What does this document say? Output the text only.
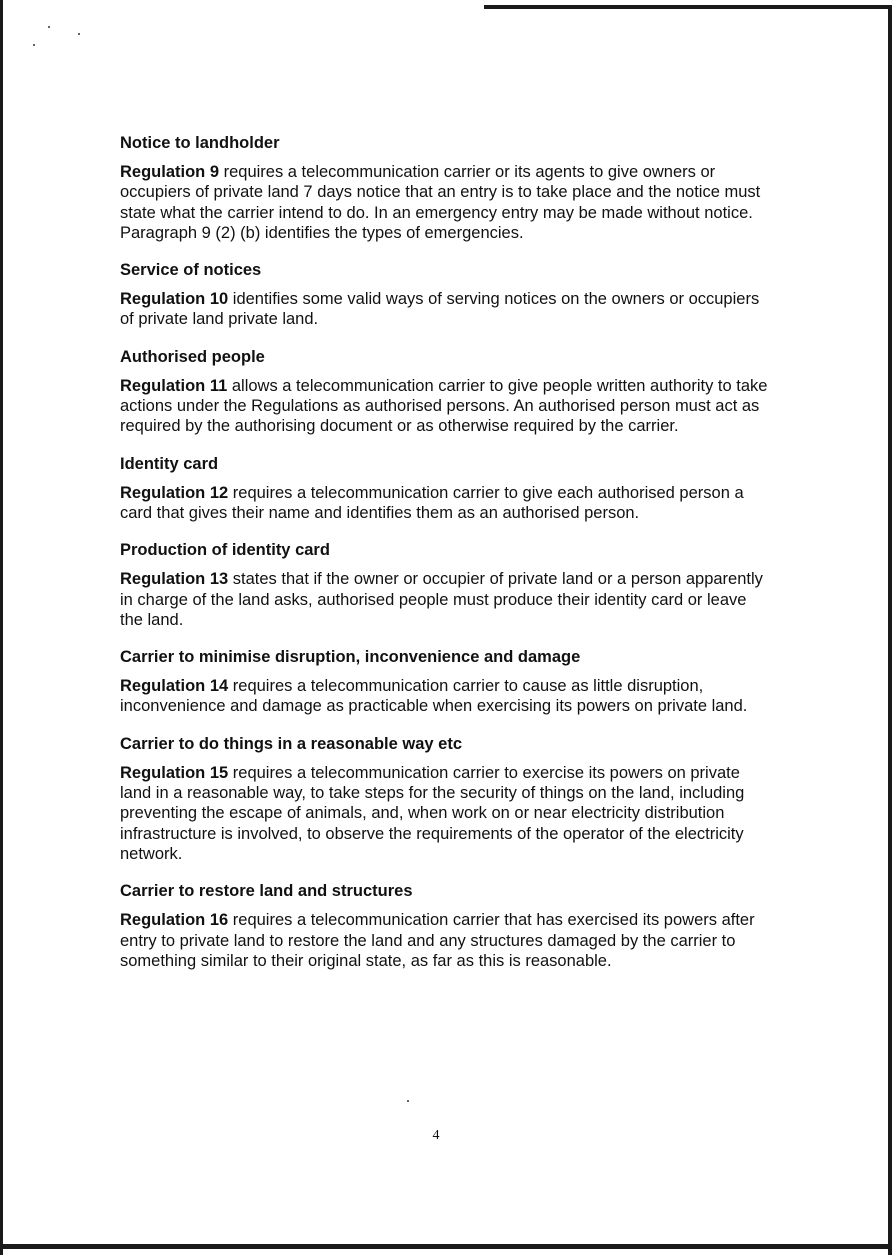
Notice to landholder

Regulation 9 requires a telecommunication carrier or its agents to give owners or occupiers of private land 7 days notice that an entry is to take place and the notice must state what the carrier intend to do. In an emergency entry may be made without notice. Paragraph 9 (2) (b) identifies the types of emergencies.

Service of notices

Regulation 10 identifies some valid ways of serving notices on the owners or occupiers of private land private land.

Authorised people

Regulation 11 allows a telecommunication carrier to give people written authority to take actions under the Regulations as authorised persons. An authorised person must act as required by the authorising document or as otherwise required by the carrier.

Identity card

Regulation 12 requires a telecommunication carrier to give each authorised person a card that gives their name and identifies them as an authorised person.

Production of identity card

Regulation 13 states that if the owner or occupier of private land or a person apparently in charge of the land asks, authorised people must produce their identity card or leave the land.

Carrier to minimise disruption, inconvenience and damage

Regulation 14 requires a telecommunication carrier to cause as little disruption, inconvenience and damage as practicable when exercising its powers on private land.

Carrier to do things in a reasonable way etc

Regulation 15 requires a telecommunication carrier to exercise its powers on private land in a reasonable way, to take steps for the security of things on the land, including preventing the escape of animals, and, when work on or near electricity distribution infrastructure is involved, to observe the requirements of the operator of the electricity network.

Carrier to restore land and structures

Regulation 16 requires a telecommunication carrier that has exercised its powers after entry to private land to restore the land and any structures damaged by the carrier to something similar to their original state, as far as this is reasonable.

4
